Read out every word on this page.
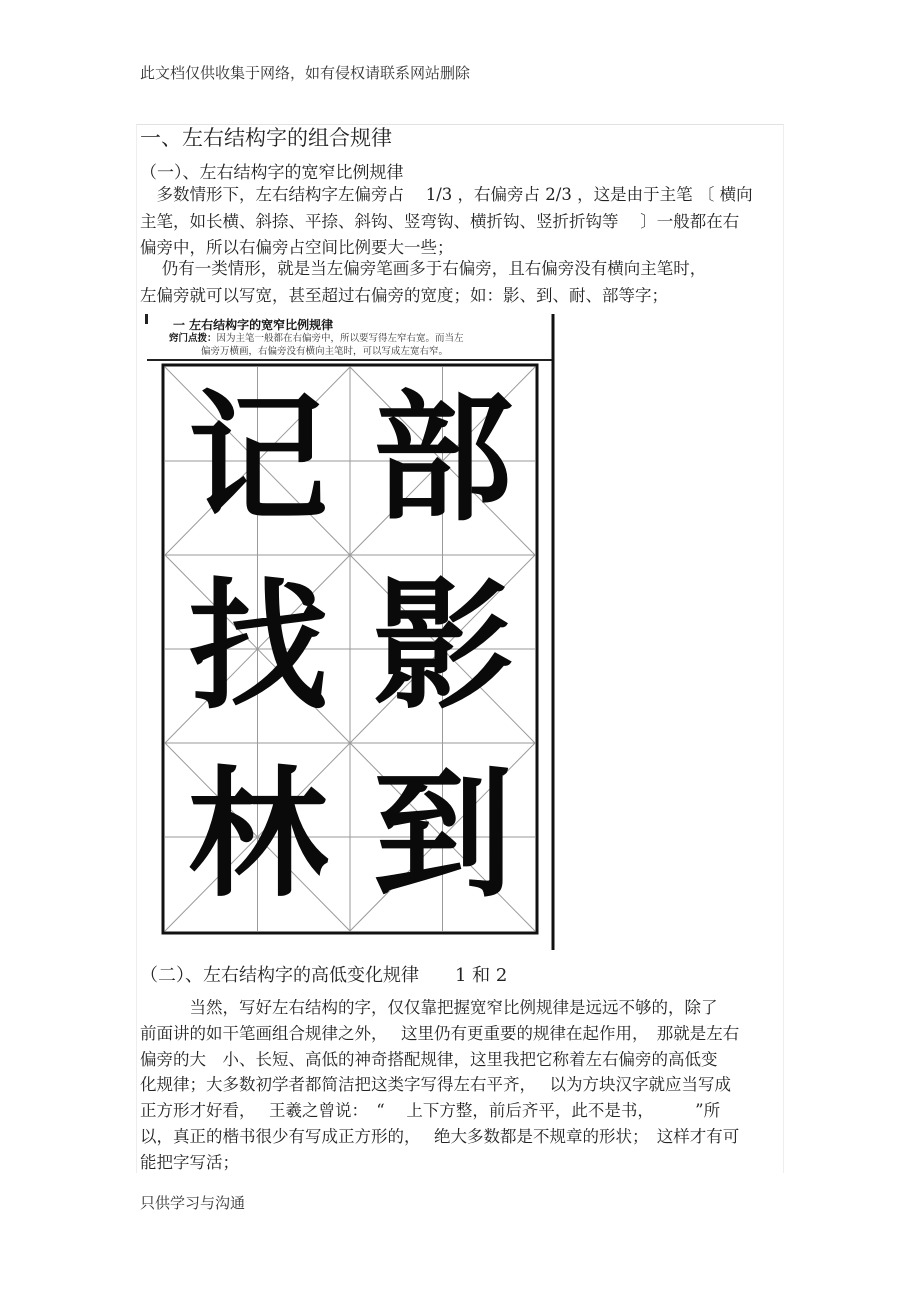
此文档仅供收集于网络，如有侵权请联系网站删除
一、左右结构字的组合规律
（一）、左右结构字的宽窄比例规律
　多数情形下，左右结构字左偏旁占　 1/3 ，右偏旁占 2/3 ，这是由于主笔 〔 横向
主笔，如长横、斜捺、平捺、斜钩、竖弯钩、横折钩、竖折折钩等　 〕一般都在右
偏旁中，所以右偏旁占空间比例要大一些；
　 仍有一类情形，就是当左偏旁笔画多于右偏旁，且右偏旁没有横向主笔时，
左偏旁就可以写宽，甚至超过右偏旁的宽度；如：影、到、耐、部等字；
一 左右结构字的宽窄比例规律
窍门点拨：因为主笔一般都在右偏旁中，所以要写得左窄右宽。而当左
偏旁万横画，右偏旁没有横向主笔时，可以写成左宽右窄。
记 部
找 影
林 到
（二）、左右结构字的高低变化规律　　1 和 2
　　　当然，写好左右结构的字，仅仅靠把握宽窄比例规律是远远不够的，除了
前面讲的如干笔画组合规律之外，　 这里仍有更重要的规律在起作用，　那就是左右
偏旁的大　小、长短、高低的神奇搭配规律，这里我把它称着左右偏旁的高低变
化规律；大多数初学者都简洁把这类字写得左右平齐，　 以为方块汉字就应当写成
正方形才好看，　 王羲之曾说：　“　 上下方整，前后齐平，此不是书，　　　”所
以，真正的楷书很少有写成正方形的，　 绝大多数都是不规章的形状；　这样才有可
能把字写活；
只供学习与沟通
